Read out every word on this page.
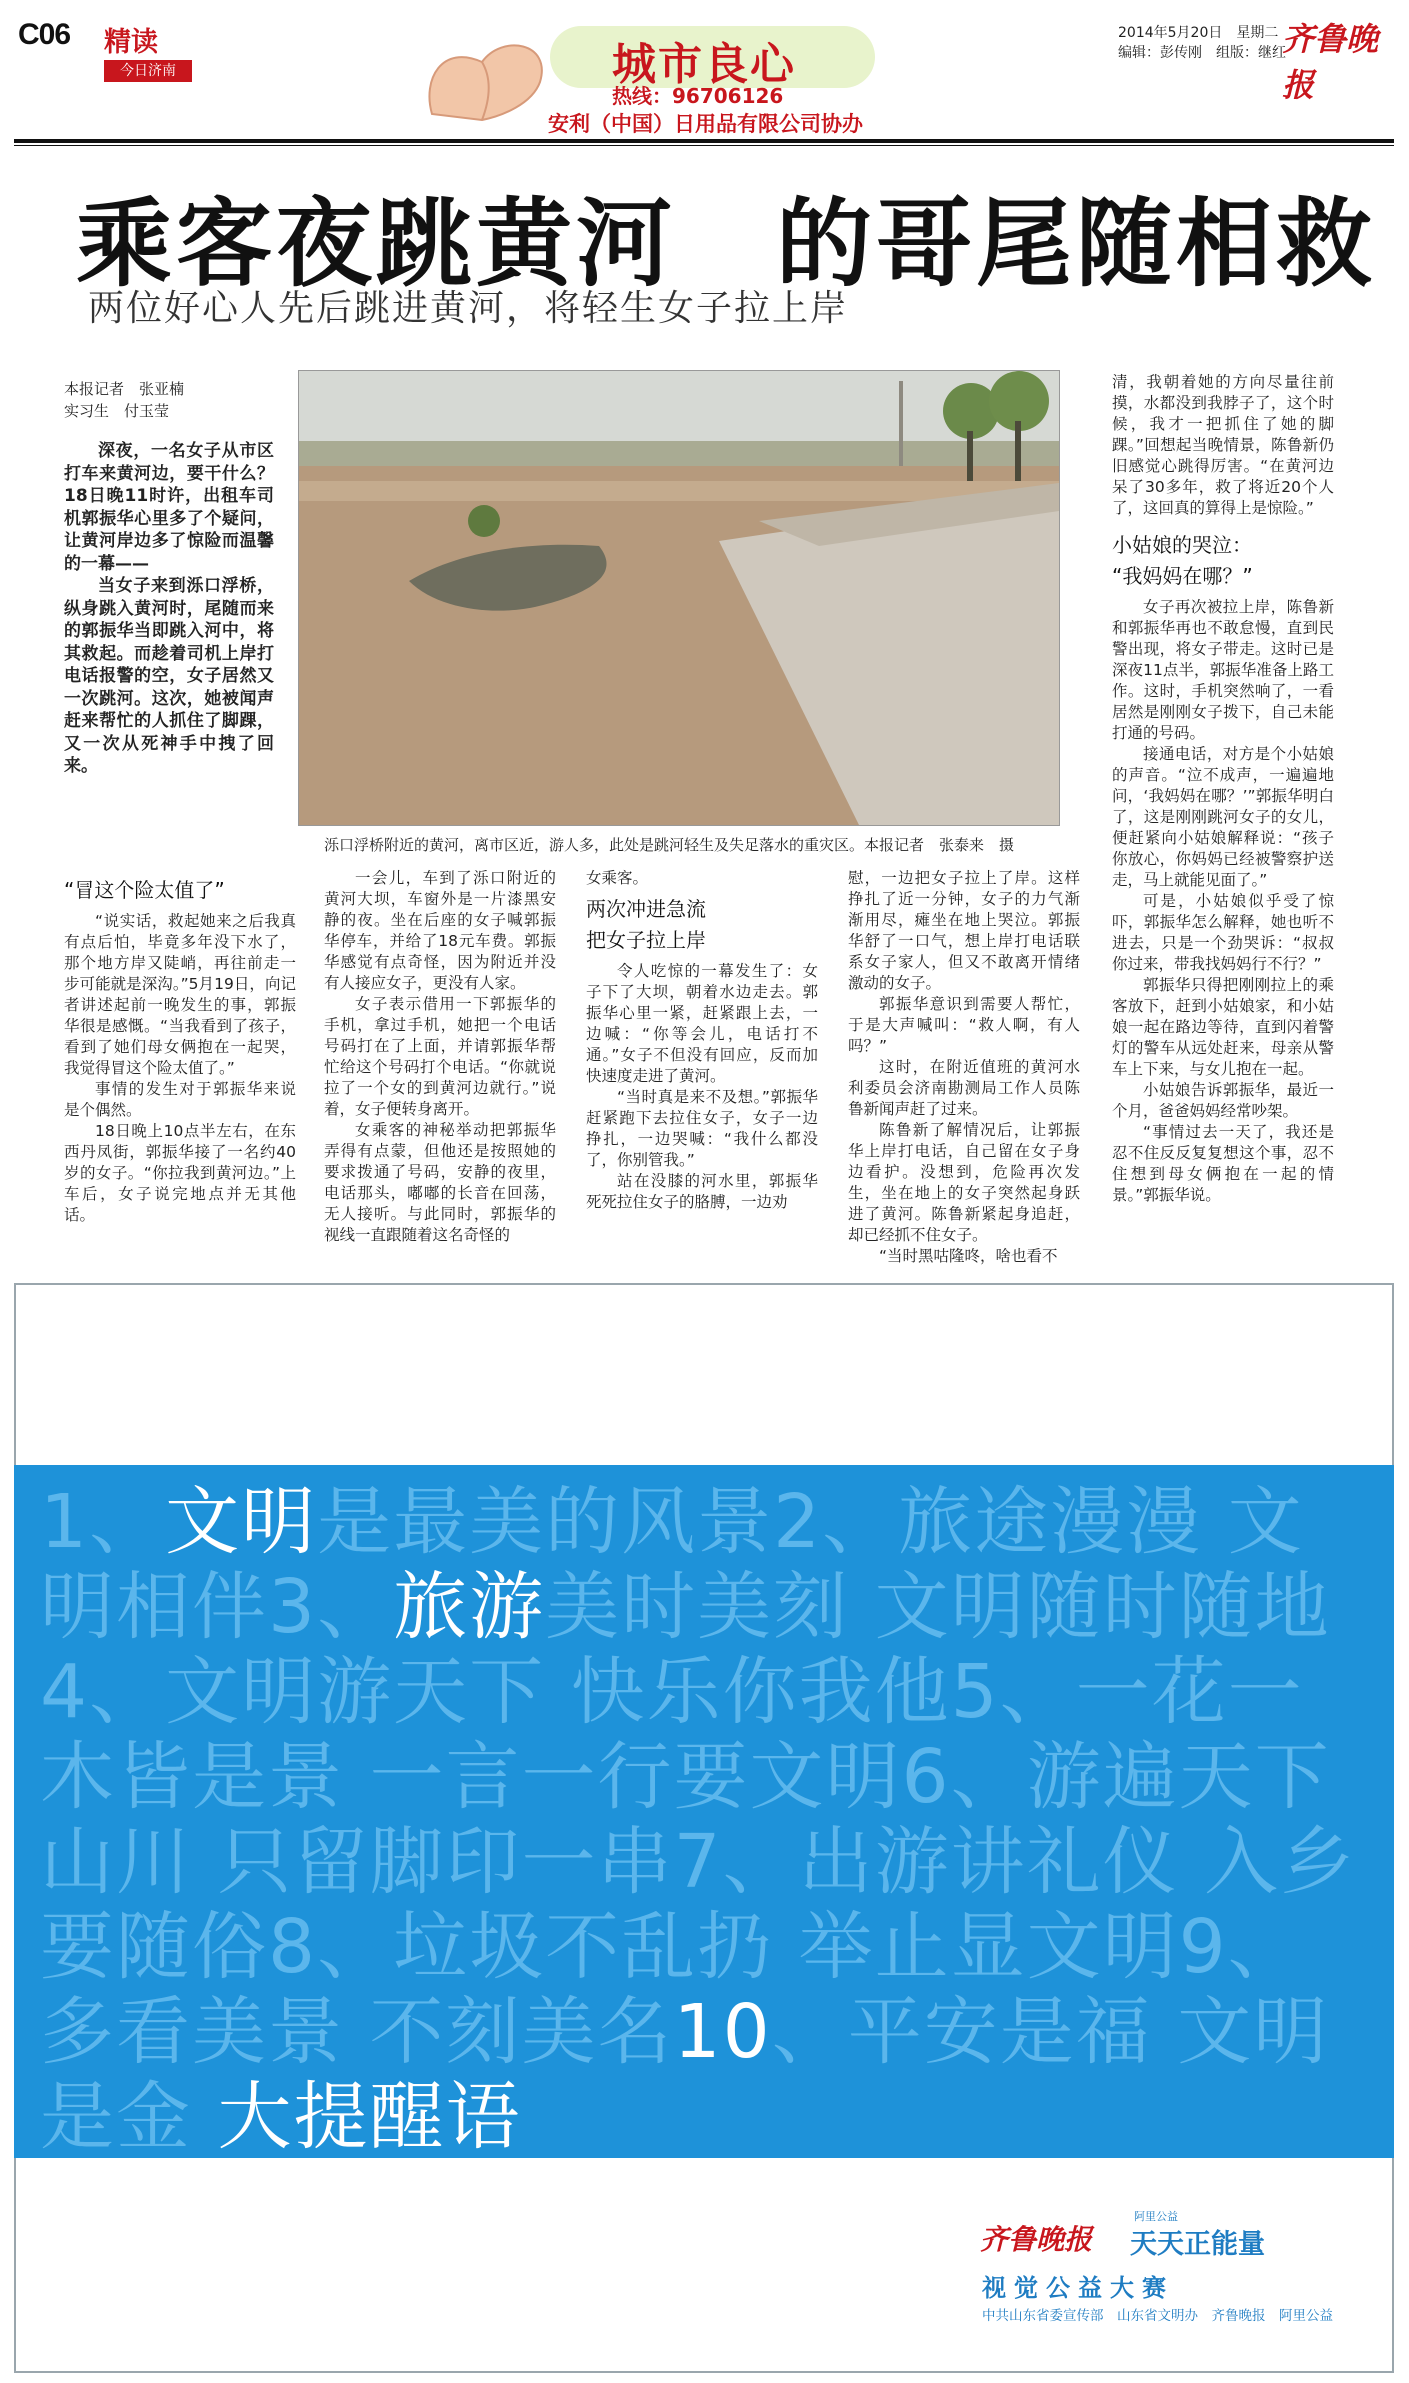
C06 精读
今日济南	城市良心
热线：96706126
安利（中国）日用品有限公司协办
2014年5月20日　星期二
编辑：彭传刚　组版：继红
齐鲁晚报
乘客夜跳黄河　的哥尾随相救
两位好心人先后跳进黄河，将轻生女子拉上岸
本报记者　张亚楠
实习生　付玉莹

深夜，一名女子从市区打车来黄河边，要干什么？18日晚11时许，出租车司机郭振华心里多了个疑问，让黄河岸边多了惊险而温馨的一幕——

当女子来到泺口浮桥，纵身跳入黄河时，尾随而来的郭振华当即跳入河中，将其救起。而趁着司机上岸打电话报警的空，女子居然又一次跳河。这次，她被闻声赶来帮忙的人抓住了脚踝，又一次从死神手中拽了回来。

泺口浮桥附近的黄河，离市区近，游人多，此处是跳河轻生及失足落水的重灾区。本报记者　张泰来　摄

清，我朝着她的方向尽量往前摸，水都没到我脖子了，这个时候，我才一把抓住了她的脚踝。”回想起当晚情景，陈鲁新仍旧感觉心跳得厉害。“在黄河边呆了30多年，救了将近20个人了，这回真的算得上是惊险。”

小姑娘的哭泣：
“我妈妈在哪？”

女子再次被拉上岸，陈鲁新和郭振华再也不敢怠慢，直到民警出现，将女子带走。这时已是深夜11点半，郭振华准备上路工作。这时，手机突然响了，一看居然是刚刚女子拨下，自己未能打通的号码。

接通电话，对方是个小姑娘的声音。“泣不成声，一遍遍地问，‘我妈妈在哪？’”郭振华明白了，这是刚刚跳河女子的女儿，便赶紧向小姑娘解释说：“孩子你放心，你妈妈已经被警察护送走，马上就能见面了。”

可是，小姑娘似乎受了惊吓，郭振华怎么解释，她也听不进去，只是一个劲哭诉：“叔叔你过来，带我找妈妈行不行？”

郭振华只得把刚刚拉上的乘客放下，赶到小姑娘家，和小姑娘一起在路边等待，直到闪着警灯的警车从远处赶来，母亲从警车上下来，与女儿抱在一起。

小姑娘告诉郭振华，最近一个月，爸爸妈妈经常吵架。

“事情过去一天了，我还是忍不住反反复复想这个事，忍不住想到母女俩抱在一起的情景。”郭振华说。

“冒这个险太值了”

“说实话，救起她来之后我真有点后怕，毕竟多年没下水了，那个地方岸又陡峭，再往前走一步可能就是深沟。”5月19日，向记者讲述起前一晚发生的事，郭振华很是感慨。“当我看到了孩子，看到了她们母女俩抱在一起哭，我觉得冒这个险太值了。”

事情的发生对于郭振华来说是个偶然。

18日晚上10点半左右，在东西丹凤街，郭振华接了一名约40岁的女子。“你拉我到黄河边。”上车后，女子说完地点并无其他话。

一会儿，车到了泺口附近的黄河大坝，车窗外是一片漆黑安静的夜。坐在后座的女子喊郭振华停车，并给了18元车费。郭振华感觉有点奇怪，因为附近并没有人接应女子，更没有人家。

女子表示借用一下郭振华的手机，拿过手机，她把一个电话号码打在了上面，并请郭振华帮忙给这个号码打个电话。“你就说拉了一个女的到黄河边就行。”说着，女子便转身离开。

女乘客的神秘举动把郭振华弄得有点蒙，但他还是按照她的要求拨通了号码，安静的夜里，电话那头，嘟嘟的长音在回荡，无人接听。与此同时，郭振华的视线一直跟随着这名奇怪的

女乘客。

两次冲进急流
把女子拉上岸

令人吃惊的一幕发生了：女子下了大坝，朝着水边走去。郭振华心里一紧，赶紧跟上去，一边喊：“你等会儿，电话打不通。”女子不但没有回应，反而加快速度走进了黄河。

“当时真是来不及想。”郭振华赶紧跑下去拉住女子，女子一边挣扎，一边哭喊：“我什么都没了，你别管我。”

站在没膝的河水里，郭振华死死拉住女子的胳膊，一边劝

慰，一边把女子拉上了岸。这样挣扎了近一分钟，女子的力气渐渐用尽，瘫坐在地上哭泣。郭振华舒了一口气，想上岸打电话联系女子家人，但又不敢离开情绪激动的女子。

郭振华意识到需要人帮忙，于是大声喊叫：“救人啊，有人吗？”

这时，在附近值班的黄河水利委员会济南勘测局工作人员陈鲁新闻声赶了过来。

陈鲁新了解情况后，让郭振华上岸打电话，自己留在女子身边看护。没想到，危险再次发生，坐在地上的女子突然起身跃进了黄河。陈鲁新紧起身追赶，却已经抓不住女子。

“当时黑咕隆咚，啥也看不

1、文明是最美的风景2、旅途漫漫 文明相伴3、旅游美时美刻 文明随时随地4、文明游天下 快乐你我他5、一花一木皆是景 一言一行要文明6、游遍天下山川 只留脚印一串7、出游讲礼仪 入乡要随俗8、垃圾不乱扔 举止显文明9、多看美景 不刻美名10、平安是福 文明是金 大提醒语
齐鲁晚报
阿里公益
天天正能量
视觉公益大赛
中共山东省委宣传部　山东省文明办　齐鲁晚报　阿里公益
